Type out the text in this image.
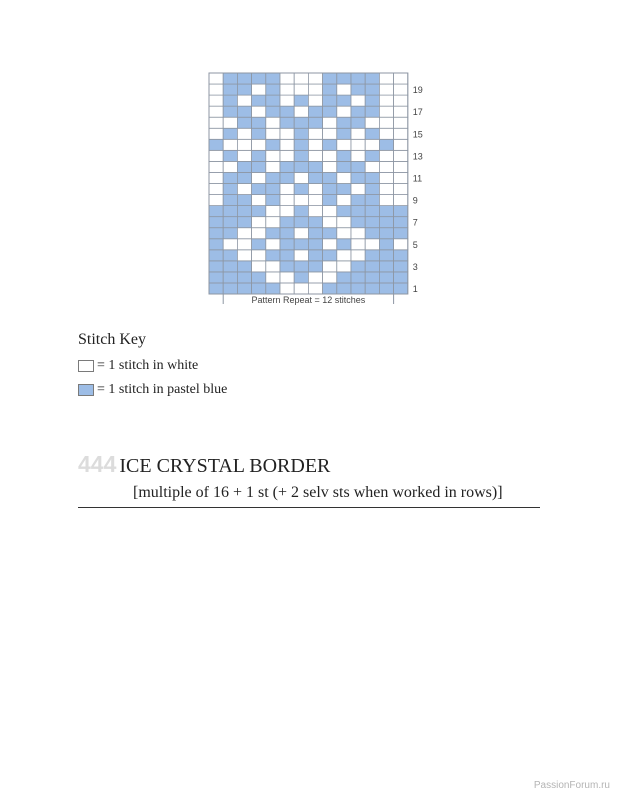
1
3
5
7
9
11
13
15
17
19
Pattern Repeat = 12 stitches
Stitch Key
= 1 stitch in white
= 1 stitch in pastel blue
444 ICE CRYSTAL BORDER
[multiple of 16 + 1 st (+ 2 selv sts when worked in rows)]
PassionForum.ru
